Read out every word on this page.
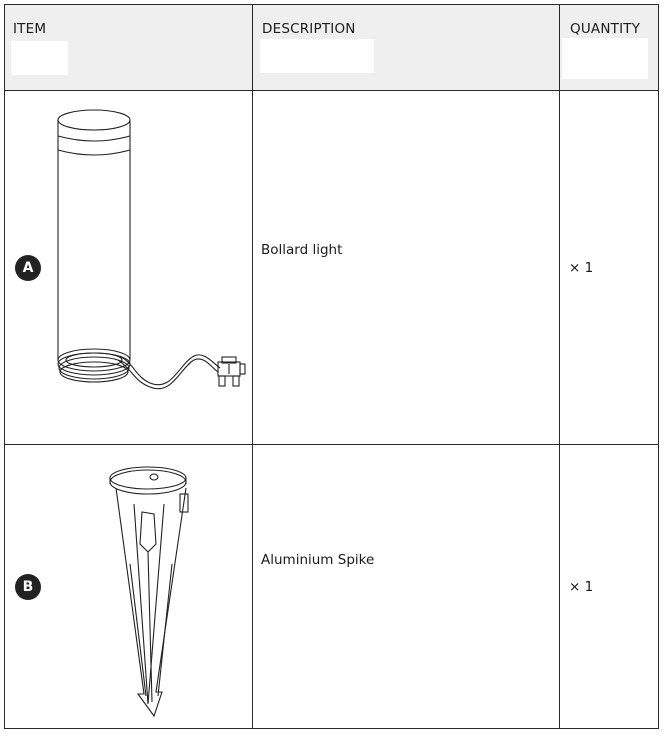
ITEM	DESCRIPTION	QUANTITY
A
Bollard light
× 1
B
Aluminium Spike
× 1
